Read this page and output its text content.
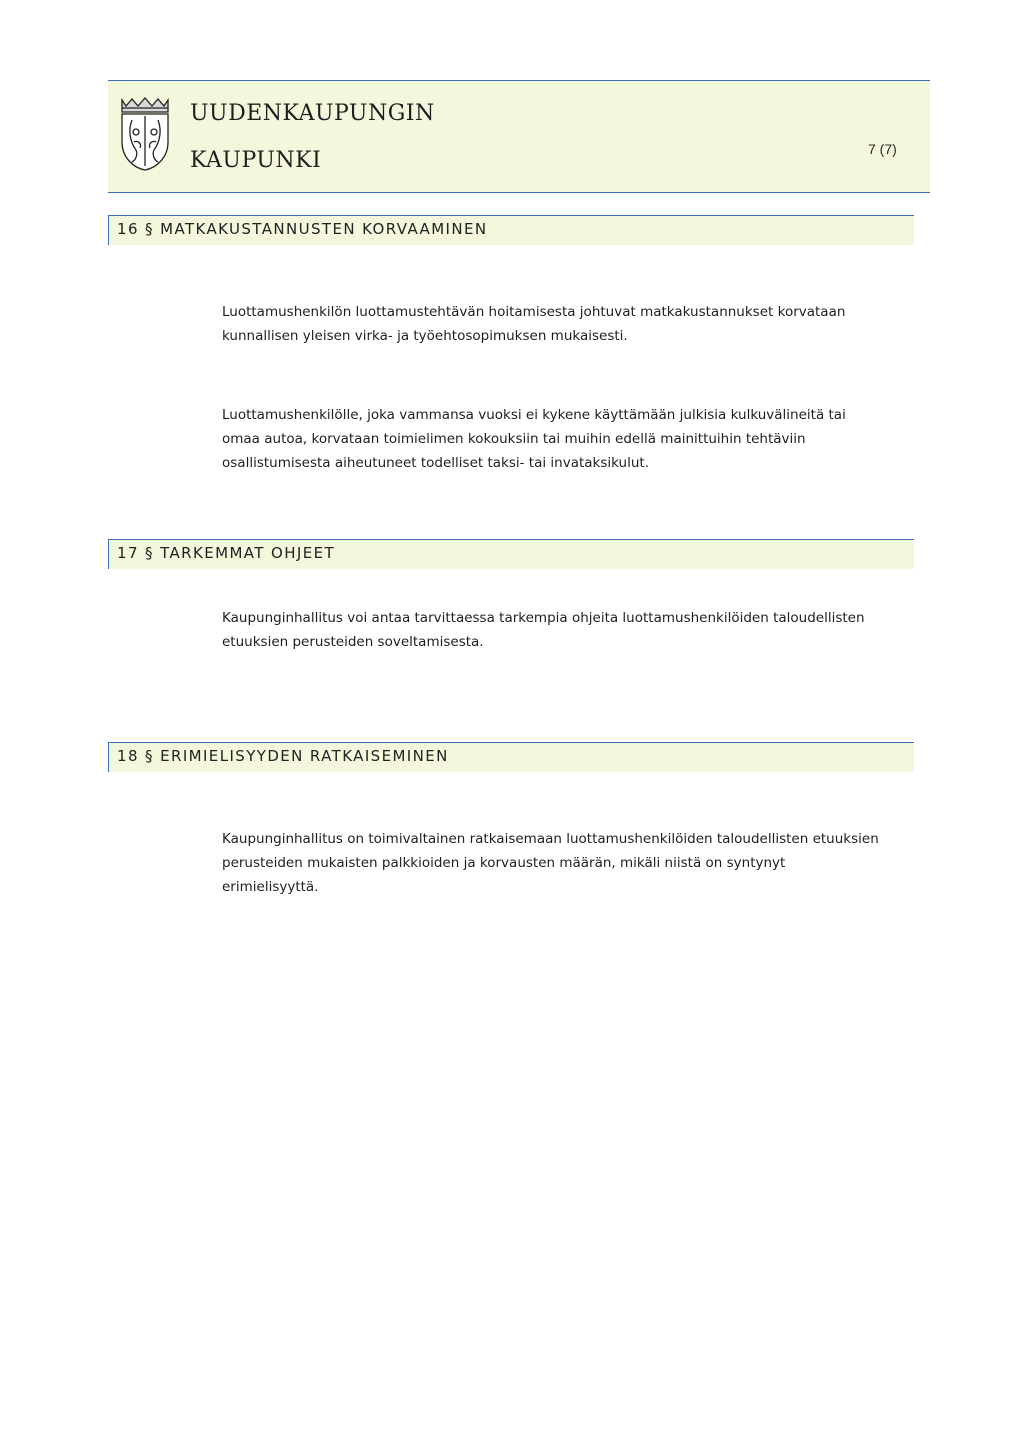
UUDENKAUPUNGIN
KAUPUNKI	7 (7)
16 § MATKAKUSTANNUSTEN KORVAAMINEN

Luottamushenkilön luottamustehtävän hoitamisesta johtuvat matkakustannukset korvataan kunnallisen yleisen virka- ja työehtosopimuksen mukaisesti.

Luottamushenkilölle, joka vammansa vuoksi ei kykene käyttämään julkisia kulkuvälineitä tai omaa autoa, korvataan toimielimen kokouksiin tai muihin edellä mainittuihin tehtäviin osallistumisesta aiheutuneet todelliset taksi- tai invataksikulut.

17 § TARKEMMAT OHJEET

Kaupunginhallitus voi antaa tarvittaessa tarkempia ohjeita luottamushenkilöiden taloudellisten etuuksien perusteiden soveltamisesta.

18 § ERIMIELISYYDEN RATKAISEMINEN

Kaupunginhallitus on toimivaltainen ratkaisemaan luottamushenkilöiden taloudellisten etuuksien perusteiden mukaisten palkkioiden ja korvausten määrän, mikäli niistä on syntynyt erimielisyyttä.
